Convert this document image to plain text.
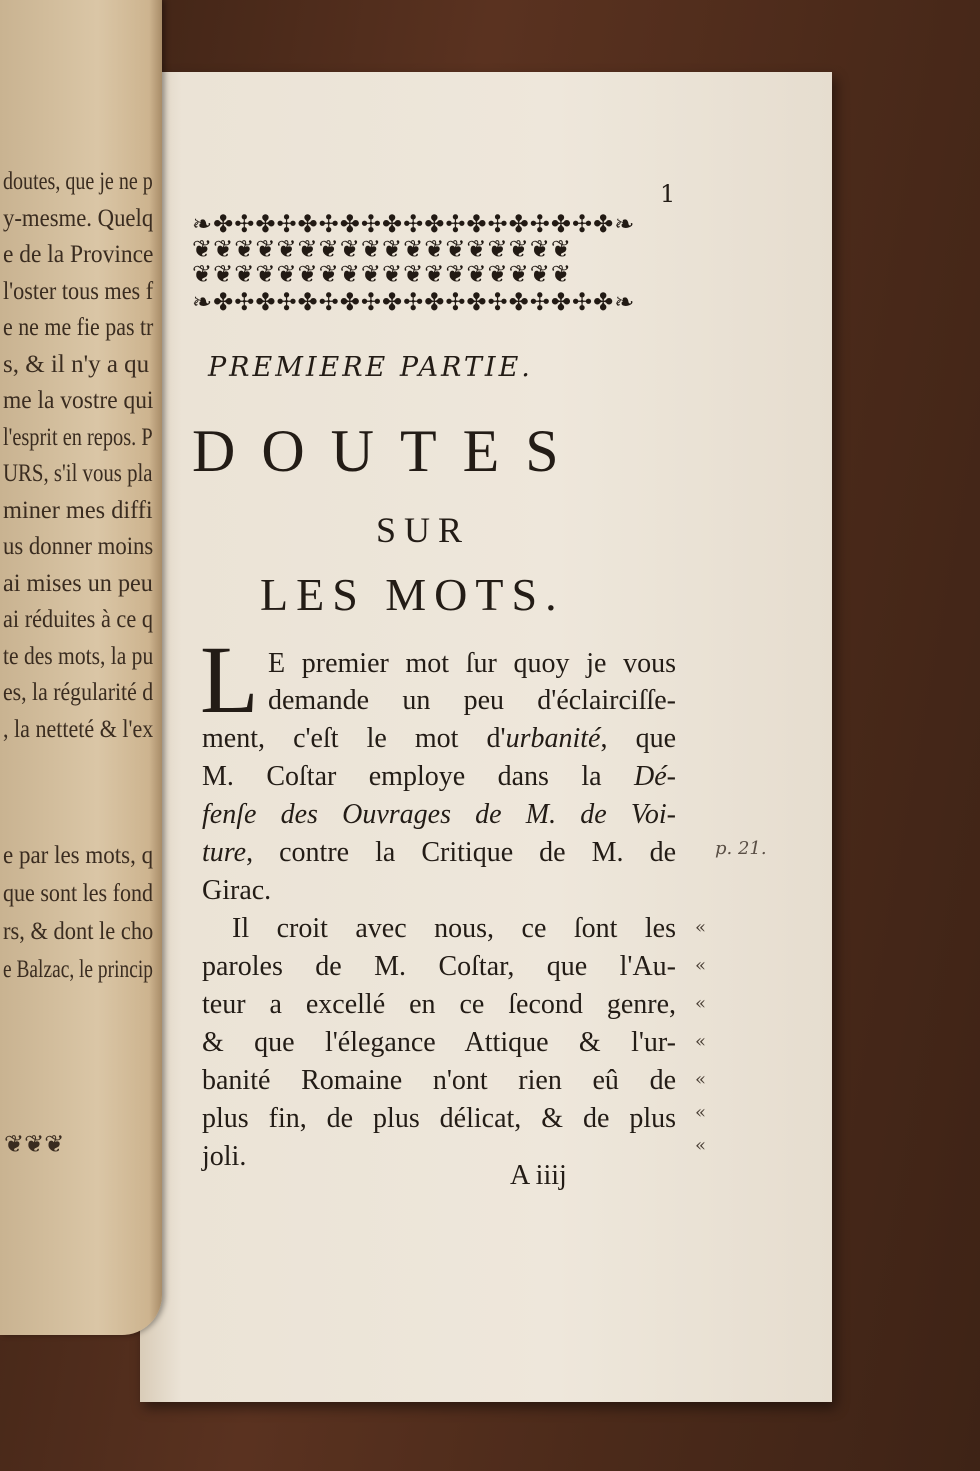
❦❦❦
doutes, que je ne p
y-mesme. Quelq
e de la Province
l'oster tous mes f
e ne me fie pas tr
s, & il n'y a qu
me la vostre qui
l'esprit en repos. P
URS, s'il vous pla
miner mes diffi
us donner moins
ai mises un peu
ai réduites à ce q
te des mots, la pu
es, la régularité d
, la netteté & l'ex
e par les mots, q
que sont les fond
rs, & dont le cho
e Balzac, le princip
1
❧✤✣✤✣✤✣✤✣✤✣✤✣✤✣✤✣✤✣✤❧
❦❦❦❦❦❦❦❦❦❦❦❦❦❦❦❦❦❦
❦❦❦❦❦❦❦❦❦❦❦❦❦❦❦❦❦❦
❧✤✣✤✣✤✣✤✣✤✣✤✣✤✣✤✣✤✣✤❧
PREMIERE PARTIE.
DOUTES
SUR
LES MOTS.
L E premier mot ſur quoy je vous
demande un peu d'éclairciſſe-
ment, c'eſt le mot d'urbanité, que
M. Coſtar employe dans la Dé-
fenſe des Ouvrages de M. de Voi-
ture, contre la Critique de M. de
Girac.
Il croit avec nous, ce ſont les
paroles de M. Coſtar, que l'Au-
teur a excellé en ce ſecond genre,
& que l'élegance Attique & l'ur-
banité Romaine n'ont rien eû de
plus fin, de plus délicat, & de plus
joli.
«
p. 21.
«
«
«
«
«
«
A iiij
